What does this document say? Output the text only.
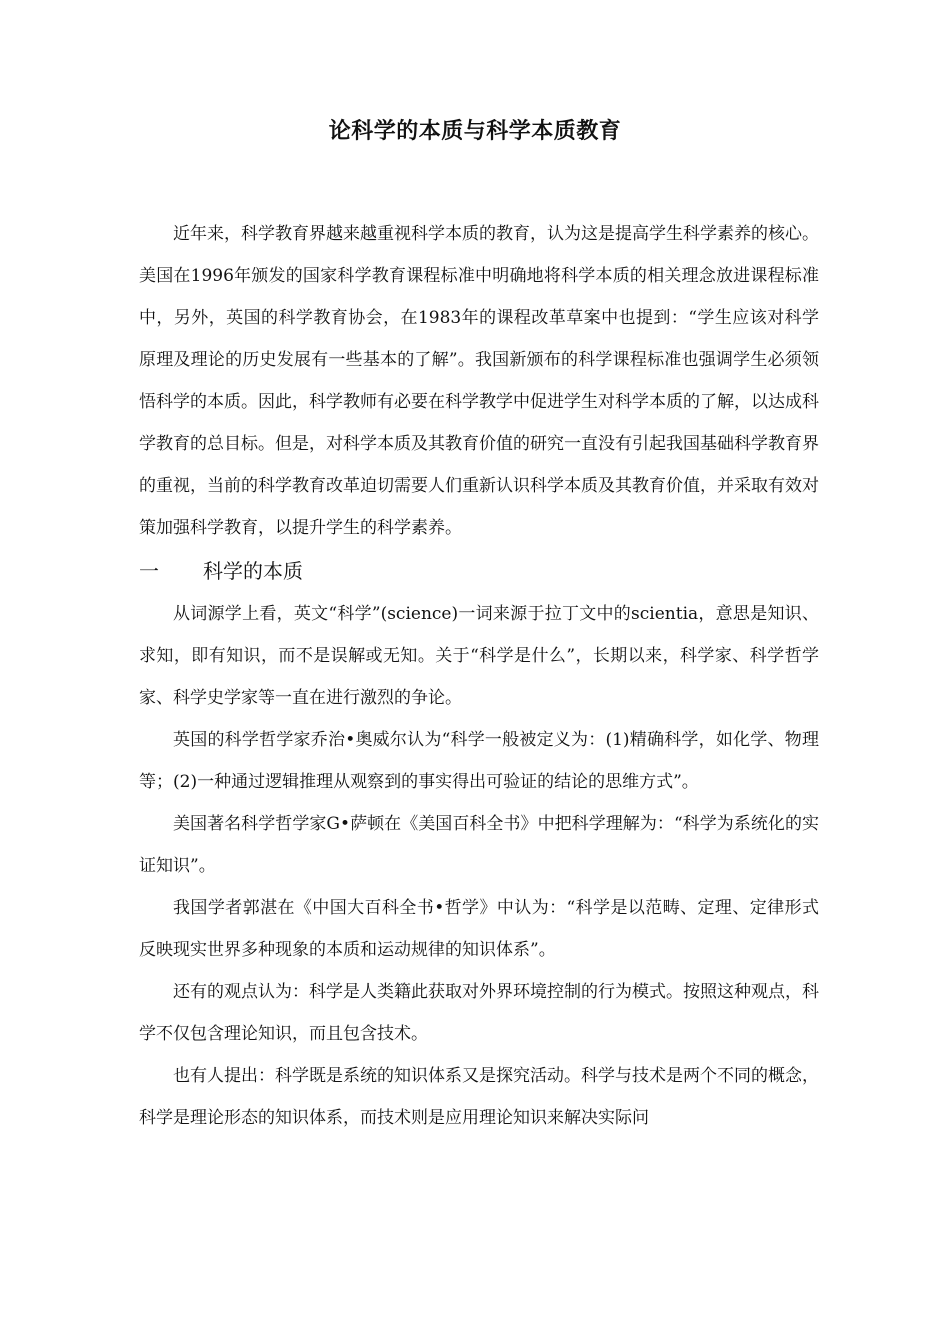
论科学的本质与科学本质教育

近年来，科学教育界越来越重视科学本质的教育，认为这是提高学生科学素养的核心。美国在1996年颁发的国家科学教育课程标准中明确地将科学本质的相关理念放进课程标准中，另外，英国的科学教育协会，在1983年的课程改革草案中也提到：“学生应该对科学原理及理论的历史发展有一些基本的了解”。我国新颁布的科学课程标准也强调学生必须领悟科学的本质。因此，科学教师有必要在科学教学中促进学生对科学本质的了解，以达成科学教育的总目标。但是，对科学本质及其教育价值的研究一直没有引起我国基础科学教育界的重视，当前的科学教育改革迫切需要人们重新认识科学本质及其教育价值，并采取有效对策加强科学教育，以提升学生的科学素养。

一 科学的本质

从词源学上看，英文“科学”(science)一词来源于拉丁文中的scientia，意思是知识、求知，即有知识，而不是误解或无知。关于“科学是什么”，长期以来，科学家、科学哲学家、科学史学家等一直在进行激烈的争论。

英国的科学哲学家乔治•奥威尔认为“科学一般被定义为：(1)精确科学，如化学、物理等；(2)一种通过逻辑推理从观察到的事实得出可验证的结论的思维方式”。

美国著名科学哲学家G•萨顿在《美国百科全书》中把科学理解为：“科学为系统化的实证知识”。

我国学者郭湛在《中国大百科全书•哲学》中认为：“科学是以范畴、定理、定律形式反映现实世界多种现象的本质和运动规律的知识体系”。

还有的观点认为：科学是人类籍此获取对外界环境控制的行为模式。按照这种观点，科学不仅包含理论知识，而且包含技术。

也有人提出：科学既是系统的知识体系又是探究活动。科学与技术是两个不同的概念，科学是理论形态的知识体系，而技术则是应用理论知识来解决实际问
